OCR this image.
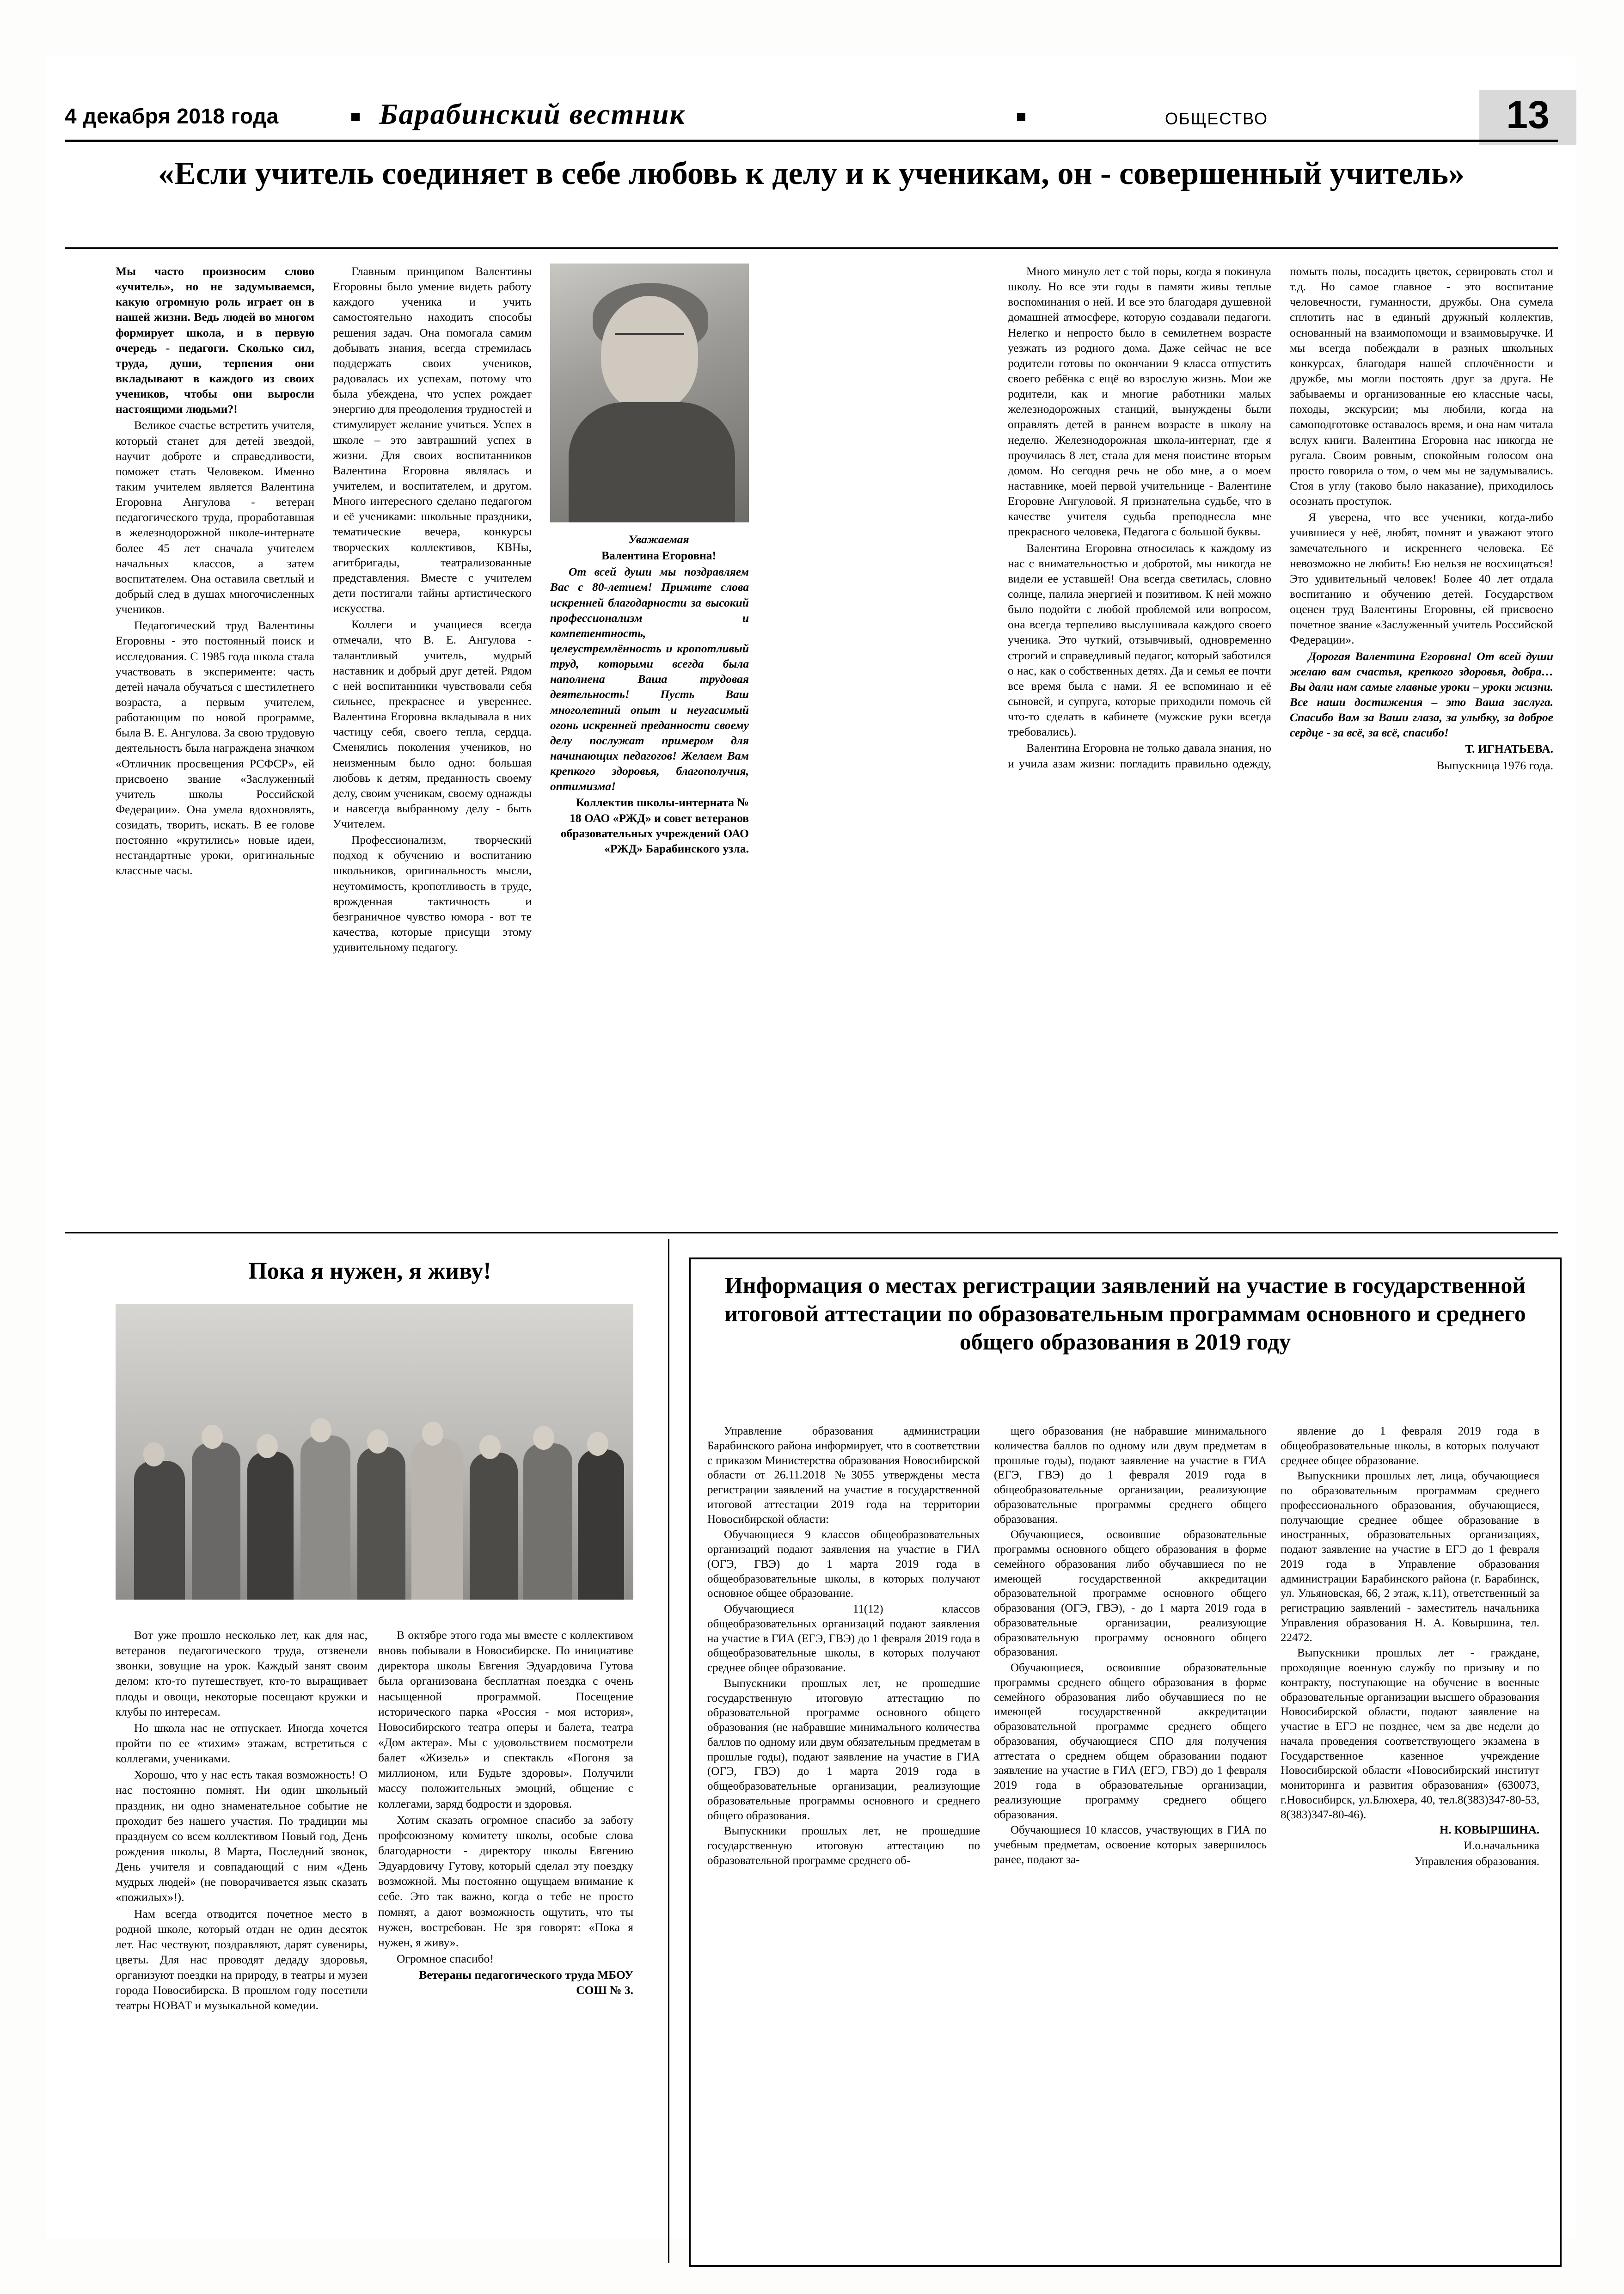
4 декабря 2018 года	Барабинский вестник	ОБЩЕСТВО	13
«Если учитель соединяет в себе любовь к делу и к ученикам, он - совершенный учитель»

Мы часто произносим слово «учитель», но не задумываемся, какую огромную роль играет он в нашей жизни. Ведь людей во многом формирует школа, и в первую очередь - педагоги. Сколько сил, труда, души, терпения они вкладывают в каждого из своих учеников, чтобы они выросли настоящими людьми?!

Великое счастье встретить учителя, который станет для детей звездой, научит доброте и справедливости, поможет стать Человеком. Именно таким учителем является Валентина Егоровна Ангулова - ветеран педагогического труда, проработавшая в железнодорожной школе-интернате более 45 лет сначала учителем начальных классов, а затем воспитателем. Она оставила светлый и добрый след в душах многочисленных учеников.

Педагогический труд Валентины Егоровны - это постоянный поиск и исследования. С 1985 года школа стала участвовать в эксперименте: часть детей начала обучаться с шестилетнего возраста, а первым учителем, работающим по новой программе, была В. Е. Ангулова. За свою трудовую деятельность была награждена значком «Отличник просвещения РСФСР», ей присвоено звание «Заслуженный учитель школы Российской Федерации». Она умела вдохновлять, созидать, творить, искать. В ее голове постоянно «крутились» новые идеи, нестандартные уроки, оригинальные классные часы.

Главным принципом Валентины Егоровны было умение видеть работу каждого ученика и учить самостоятельно находить способы решения задач. Она помогала самим добывать знания, всегда стремилась поддержать своих учеников, радовалась их успехам, потому что была убеждена, что успех рождает энергию для преодоления трудностей и стимулирует желание учиться. Успех в школе – это завтрашний успех в жизни. Для своих воспитанников Валентина Егоровна являлась и учителем, и воспитателем, и другом. Много интересного сделано педагогом и её учениками: школьные праздники, тематические вечера, конкурсы творческих коллективов, КВНы, агитбригады, театрализованные представления. Вместе с учителем дети постигали тайны артистического искусства.

Коллеги и учащиеся всегда отмечали, что В. Е. Ангулова - талантливый учитель, мудрый наставник и добрый друг детей. Рядом с ней воспитанники чувствовали себя сильнее, прекраснее и увереннее. Валентина Егоровна вкладывала в них частицу себя, своего тепла, сердца. Сменялись поколения учеников, но неизменным было одно: большая любовь к детям, преданность своему делу, своим ученикам, своему однажды и навсегда выбранному делу - быть Учителем.

Профессионализм, творческий подход к обучению и воспитанию школьников, оригинальность мысли, неутомимость, кропотливость в труде, врожденная тактичность и безграничное чувство юмора - вот те качества, которые присущи этому удивительному педагогу.

Уважаемая

Валентина Егоровна!

От всей души мы поздравляем Вас с 80-летием! Примите слова искренней благодарности за высокий профессионализм и компетентность, целеустремлённость и кропотливый труд, которыми всегда была наполнена Ваша трудовая деятельность! Пусть Ваш многолетний опыт и неугасимый огонь искренней преданности своему делу послужат примером для начинающих педагогов! Желаем Вам крепкого здоровья, благополучия, оптимизма!

Коллектив школы-интерната № 18 ОАО «РЖД» и совет ветеранов образовательных учреждений ОАО «РЖД» Барабинского узла.

Много минуло лет с той поры, когда я покинула школу. Но все эти годы в памяти живы теплые воспоминания о ней. И все это благодаря душевной домашней атмосфере, которую создавали педагоги. Нелегко и непросто было в семилетнем возрасте уезжать из родного дома. Даже сейчас не все родители готовы по окончании 9 класса отпустить своего ребёнка с ещё во взрослую жизнь. Мои же родители, как и многие работники малых железнодорожных станций, вынуждены были оправлять детей в раннем возрасте в школу на неделю. Железнодорожная школа-интернат, где я проучилась 8 лет, стала для меня поистине вторым домом. Но сегодня речь не обо мне, а о моем наставнике, моей первой учительнице - Валентине Егоровне Ангуловой. Я признательна судьбе, что в качестве учителя судьба преподнесла мне прекрасного человека, Педагога с большой буквы.

Валентина Егоровна относилась к каждому из нас с внимательностью и добротой, мы никогда не видели ее уставшей! Она всегда светилась, словно солнце, палила энергией и позитивом. К ней можно было подойти с любой проблемой или вопросом, она всегда терпеливо выслушивала каждого своего ученика. Это чуткий, отзывчивый, одновременно строгий и справедливый педагог, который заботился о нас, как о собственных детях. Да и семья ее почти все время была с нами. Я ее вспоминаю и её сыновей, и супруга, которые приходили помочь ей что-то сделать в кабинете (мужские руки всегда требовались).

Валентина Егоровна не только давала знания, но и учила азам жизни: погладить правильно одежду, помыть полы, посадить цветок, сервировать стол и т.д. Но самое главное - это воспитание человечности, гуманности, дружбы. Она сумела сплотить нас в единый дружный коллектив, основанный на взаимопомощи и взаимовыручке. И мы всегда побеждали в разных школьных конкурсах, благодаря нашей сплочённости и дружбе, мы могли постоять друг за друга. Не забываемы и организованные ею классные часы, походы, экскурсии; мы любили, когда на самоподготовке оставалось время, и она нам читала вслух книги. Валентина Егоровна нас никогда не ругала. Своим ровным, спокойным голосом она просто говорила о том, о чем мы не задумывались. Стоя в углу (таково было наказание), приходилось осознать проступок.

Я уверена, что все ученики, когда-либо учившиеся у неё, любят, помнят и уважают этого замечательного и искреннего человека. Её невозможно не любить! Ею нельзя не восхищаться! Это удивительный человек! Более 40 лет отдала воспитанию и обучению детей. Государством оценен труд Валентины Егоровны, ей присвоено почетное звание «Заслуженный учитель Российской Федерации».

Дорогая Валентина Егоровна! От всей души желаю вам счастья, крепкого здоровья, добра… Вы дали нам самые главные уроки – уроки жизни. Все наши достижения – это Ваша заслуга. Спасибо Вам за Ваши глаза, за улыбку, за доброе сердце - за всё, за всё, спасибо!

Т. ИГНАТЬЕВА.

Выпускница 1976 года.

Пока я нужен, я живу!

Вот уже прошло несколько лет, как для нас, ветеранов педагогического труда, отзвенели звонки, зовущие на урок. Каждый занят своим делом: кто-то путешествует, кто-то выращивает плоды и овощи, некоторые посещают кружки и клубы по интересам.

Но школа нас не отпускает. Иногда хочется пройти по ее «тихим» этажам, встретиться с коллегами, учениками.

Хорошо, что у нас есть такая возможность! О нас постоянно помнят. Ни один школьный праздник, ни одно знаменательное событие не проходит без нашего участия. По традиции мы празднуем со всем коллективом Новый год, День рождения школы, 8 Марта, Последний звонок, День учителя и совпадающий с ним «День мудрых людей» (не поворачивается язык сказать «пожилых»!).

Нам всегда отводится почетное место в родной школе, который отдан не один десяток лет. Нас чествуют, поздравляют, дарят сувениры, цветы. Для нас проводят дедаду здоровья, организуют поездки на природу, в театры и музеи города Новосибирска. В прошлом году посетили театры НОВАТ и музыкальной комедии.

В октябре этого года мы вместе с коллективом вновь побывали в Новосибирске. По инициативе директора школы Евгения Эдуардовича Гутова была организована бесплатная поездка с очень насыщенной программой. Посещение исторического парка «Россия - моя история», Новосибирского театра оперы и балета, театра «Дом актера». Мы с удовольствием посмотрели балет «Жизель» и спектакль «Погоня за миллионом, или Будьте здоровы». Получили массу положительных эмоций, общение с коллегами, заряд бодрости и здоровья.

Хотим сказать огромное спасибо за заботу профсоюзному комитету школы, особые слова благодарности - директору школы Евгению Эдуардовичу Гутову, который сделал эту поездку возможной. Мы постоянно ощущаем внимание к себе. Это так важно, когда о тебе не просто помнят, а дают возможность ощутить, что ты нужен, востребован. Не зря говорят: «Пока я нужен, я живу».

Огромное спасибо!

Ветераны педагогического труда МБОУ СОШ № 3.

Информация о местах регистрации заявлений на участие в государственной итоговой аттестации по образовательным программам основного и среднего общего образования в 2019 году

Управление образования администрации Барабинского района информирует, что в соответствии с приказом Министерства образования Новосибирской области от 26.11.2018 №3055 утверждены места регистрации заявлений на участие в государственной итоговой аттестации 2019 года на территории Новосибирской области:

Обучающиеся 9 классов общеобразовательных организаций подают заявления на участие в ГИА (ОГЭ, ГВЭ) до 1 марта 2019 года в общеобразовательные школы, в которых получают основное общее образование.

Обучающиеся 11(12) классов общеобразовательных организаций подают заявления на участие в ГИА (ЕГЭ, ГВЭ) до 1 февраля 2019 года в общеобразовательные школы, в которых получают среднее общее образование.

Выпускники прошлых лет, не прошедшие государственную итоговую аттестацию по образовательной программе основного общего образования (не набравшие минимального количества баллов по одному или двум обязательным предметам в прошлые годы), подают заявление на участие в ГИА (ОГЭ, ГВЭ) до 1 марта 2019 года в общеобразовательные организации, реализующие образовательные программы основного и среднего общего образования.

Выпускники прошлых лет, не прошедшие государственную итоговую аттестацию по образовательной программе среднего об-

щего образования (не набравшие минимального количества баллов по одному или двум предметам в прошлые годы), подают заявление на участие в ГИА (ЕГЭ, ГВЭ) до 1 февраля 2019 года в общеобразовательные организации, реализующие образовательные программы среднего общего образования.

Обучающиеся, освоившие образовательные программы основного общего образования в форме семейного образования либо обучавшиеся по не имеющей государственной аккредитации образовательной программе основного общего образования (ОГЭ, ГВЭ), - до 1 марта 2019 года в образовательные организации, реализующие образовательную программу основного общего образования.

Обучающиеся, освоившие образовательные программы среднего общего образования в форме семейного образования либо обучавшиеся по не имеющей государственной аккредитации образовательной программе среднего общего образования, обучающиеся СПО для получения аттестата о среднем общем образовании подают заявление на участие в ГИА (ЕГЭ, ГВЭ) до 1 февраля 2019 года в образовательные организации, реализующие программу среднего общего образования.

Обучающиеся 10 классов, участвующих в ГИА по учебным предметам, освоение которых завершилось ранее, подают за-

явление до 1 февраля 2019 года в общеобразовательные школы, в которых получают среднее общее образование.

Выпускники прошлых лет, лица, обучающиеся по образовательным программам среднего профессионального образования, обучающиеся, получающие среднее общее образование в иностранных, образовательных организациях, подают заявление на участие в ЕГЭ до 1 февраля 2019 года в Управление образования администрации Барабинского района (г. Барабинск, ул. Ульяновская, 66, 2 этаж, к.11), ответственный за регистрацию заявлений - заместитель начальника Управления образования Н. А. Ковыршина, тел. 22472.

Выпускники прошлых лет - граждане, проходящие военную службу по призыву и по контракту, поступающие на обучение в военные образовательные организации высшего образования Новосибирской области, подают заявление на участие в ЕГЭ не позднее, чем за две недели до начала проведения соответствующего экзамена в Государственное казенное учреждение Новосибирской области «Новосибирский институт мониторинга и развития образования» (630073, г.Новосибирск, ул.Блюхера, 40, тел.8(383)347-80-53, 8(383)347-80-46).

Н. КОВЫРШИНА.

И.о.начальника

Управления образования.
